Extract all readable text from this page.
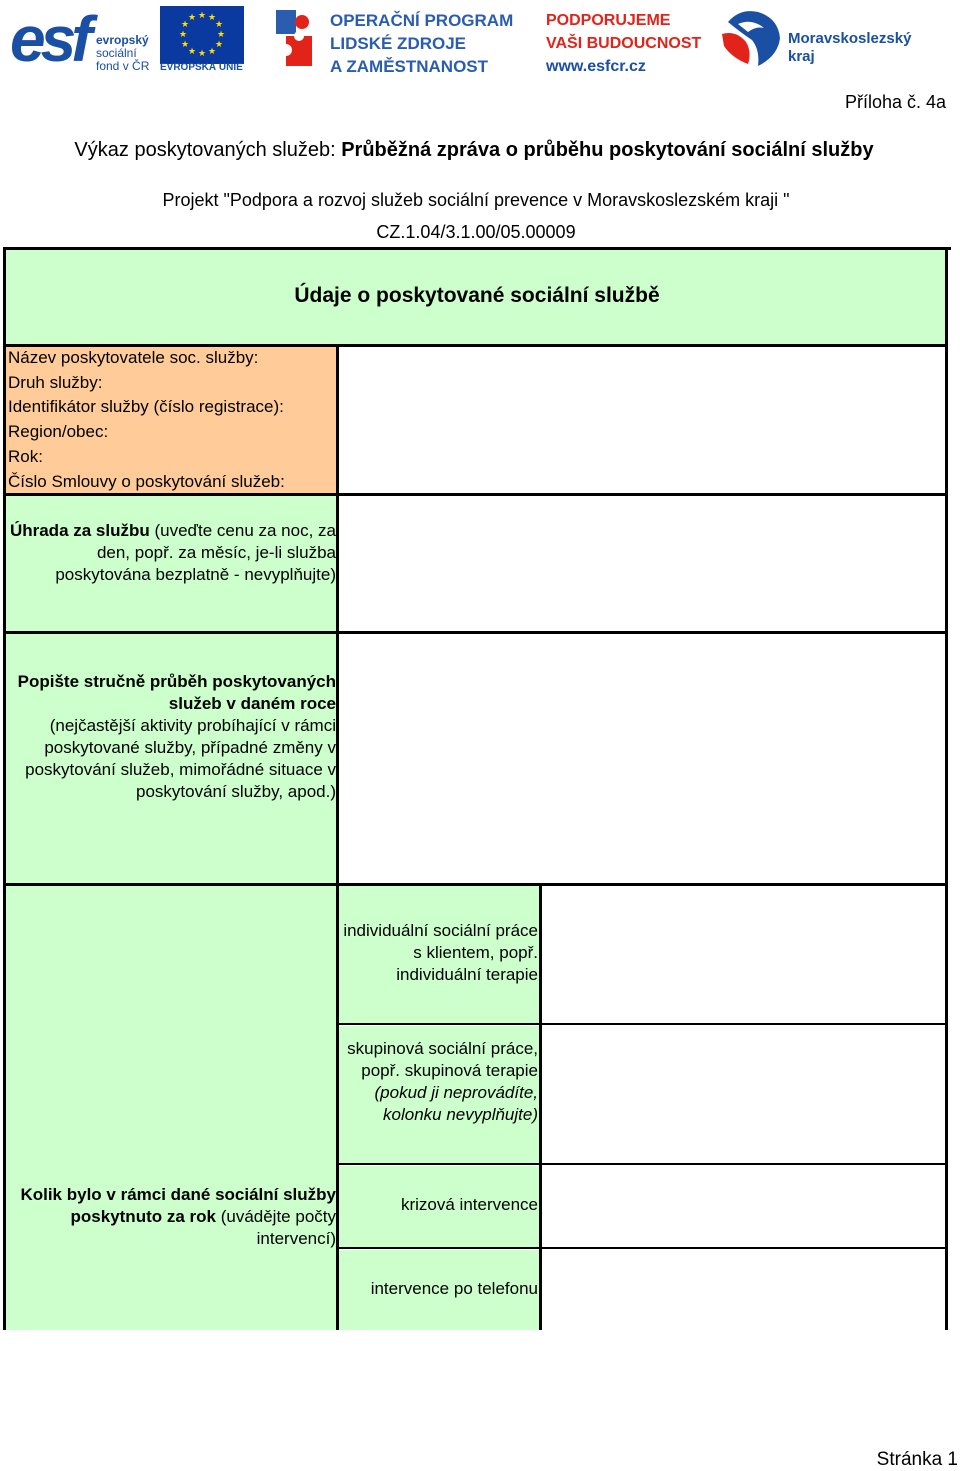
esf evropský
sociální
fond v ČR
★ ★
★
★
★
★
★
★
★
★
★
★
EVROPSKÁ UNIE
OPERAČNÍ PROGRAM
LIDSKÉ ZDROJE
A ZAMĚSTNANOST
PODPORUJEME
VAŠI BUDOUCNOST
www.esfcr.cz
Moravskoslezský
kraj
Příloha č. 4a
Výkaz poskytovaných služeb: Průběžná zpráva o průběhu poskytování sociální služby
Projekt "Podpora a rozvoj služeb sociální prevence v Moravskoslezském kraji "
CZ.1.04/3.1.00/05.00009
Údaje o poskytované sociální službě
Název poskytovatele soc. služby:
Druh služby:
Identifikátor služby (číslo registrace):
Region/obec:
Rok:
Číslo Smlouvy o poskytování služeb:
Úhrada za službu (uveďte cenu za noc, za den, popř. za měsíc, je-li služba poskytována bezplatně - nevyplňujte)
Popište stručně průběh poskytovaných služeb v daném roce
(nejčastější aktivity probíhající v rámci poskytované služby, případné změny v poskytování služeb, mimořádné situace v poskytování služby, apod.)
Kolik bylo v rámci dané sociální služby poskytnuto za rok (uvádějte počty intervencí)
individuální sociální práce s klientem, popř. individuální terapie
skupinová sociální práce, popř. skupinová terapie (pokud ji neprovádíte, kolonku nevyplňujte)
krizová intervence
intervence po telefonu
Stránka 1
